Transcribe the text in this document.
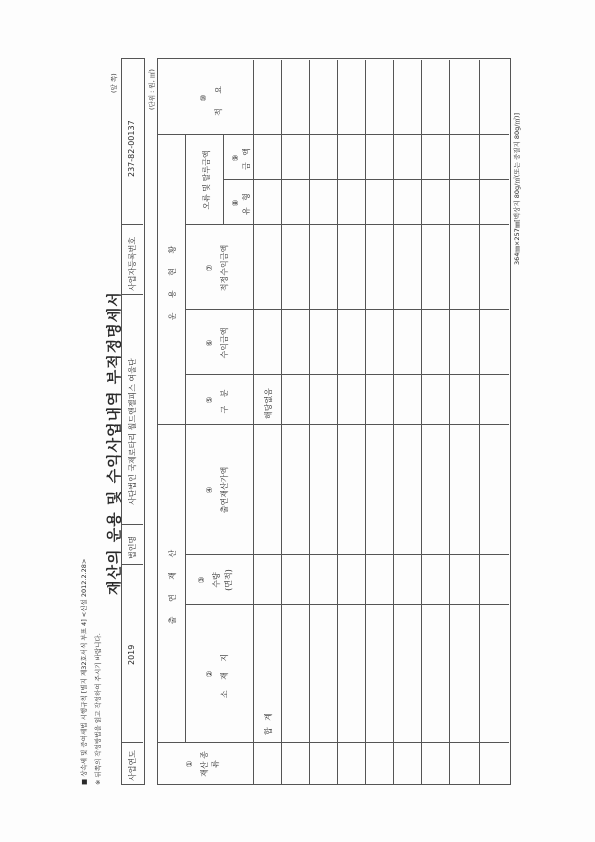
■ 상속세 및 증여세법 시행규칙 [별지 제32호서식 부표 4] <신설 2012.2.28> ※ 뒤쪽의 작성방법을 읽고 작성하여 주시기 바랍니다.
재산의 운용 및 수익사업내역 부적정명세서
(앞 쪽)
사업연도
2019
법인명
사단법인 국제로타리 월드앤젤피스 여울단
사업자등록번호
237-82-00137
(단위 : 원, ㎡)
① 재산 종류
출 연 재 산
② 소 재 지
③ 수량 (면적)
④ 출연재산가액
운 용 현 황
⑤ 구 분
⑥ 수익금액
⑦ 적정수익금액
오류 및 탈루금액	⑧ 유 형
⑨ 금 액
⑩ 적 요
합 계
해당없음
364㎜×257㎜[백상지 80g/㎡(또는 중질지 80g/㎡)]
